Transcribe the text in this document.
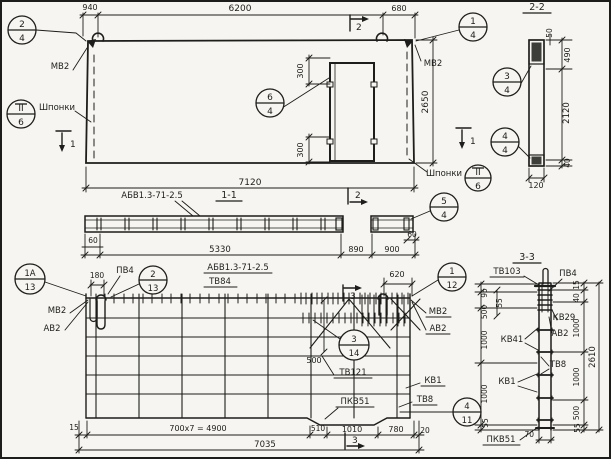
940	6200	680
7120
2650
300
300
МВ2	МВ2
Шпонки
Шпонки
2
4
II
6
6
4
1
4
II
6
2
2
1	1
2-2
50
490
2120
40
120
3
4
4
4
1-1
АБВ1.3-71-2.5
60
5330	890	900
60
5
4
АБВ1.3-71-2.5
ТВ84
ПВ4
МВ2
АВ2
МВ2
АВ2
ТВ121
КВ1
ТВ8
ПКВ51
180	620
500
15	700x7 = 4900	510 1010	780 20
7035
1А
13
2
13
3
14
1
12
4
11
3
3
3-3
ТВ103	ПВ4
КВ29
АВ2
ТВ8
КВ41
КВ1
ПКВ51
95
55
500
1000
1000
55
15
40
1000
1000
500
55
2610
70
